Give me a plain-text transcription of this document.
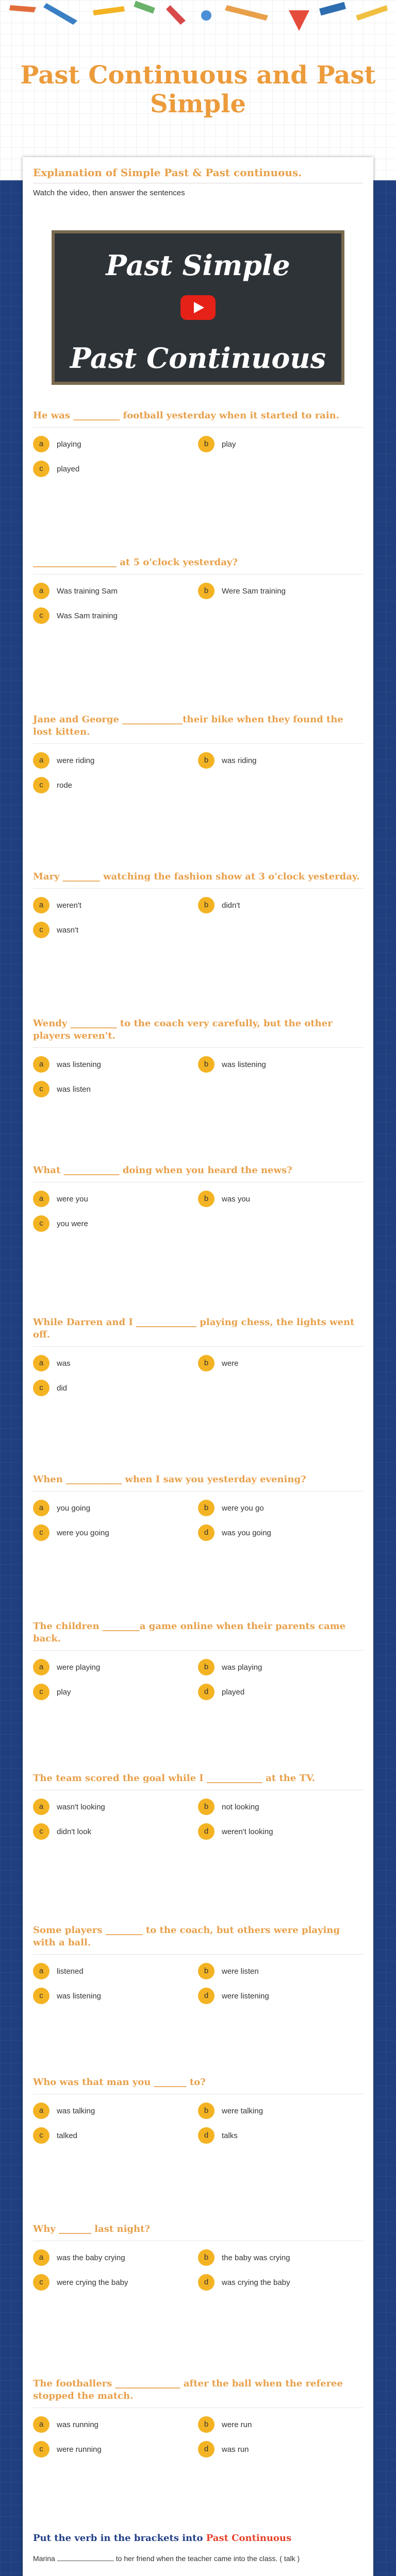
Past Continuous and Past Simple
Explanation of Simple Past & Past continuous.
Watch the video, then answer the sentences
Past Simple
Past Continuous
He was __________ football yesterday when it started to rain.
a	playing	b	play
c	played
__________________ at 5 o'clock yesterday?
a	Was training Sam	b	Were Sam training
c	Was Sam training
Jane and George _____________their bike when they found the lost kitten.
a	were riding	b	was riding
c	rode
Mary ________ watching the fashion show at 3 o'clock yesterday.
a	weren't	b	didn't
c	wasn't
Wendy __________ to the coach very carefully, but the other players weren't.
a	was listening	b	was listening
c	was listen
What ____________ doing when you heard the news?
a	were you	b	was you
c	you were
While Darren and I _____________ playing chess, the lights went off.
a	was	b	were
c	did
When ____________ when I saw you yesterday evening?
a	you going	b	were you go
c	were you going	d	was you going
The children ________a game online when their parents came back.
a	were playing	b	was playing
c	play	d	played
The team scored the goal while I ____________ at the TV.
a	wasn't looking	b	not looking
c	didn't look	d	weren't looking
Some players ________ to the coach, but others were playing with a ball.
a	listened	b	were listen
c	was listening	d	were listening
Who was that man you _______ to?
a	was talking	b	were talking
c	talked	d	talks
Why _______ last night?
a	was the baby crying	b	the baby was crying
c	were crying the baby	d	was crying the baby
The footballers ______________ after the ball when the referee stopped the match.
a	was running	b	were run
c	were running	d	was run
Put the verb in the brackets into Past Continuous
Marina	to her friend when the teacher came into the class. ( talk )
